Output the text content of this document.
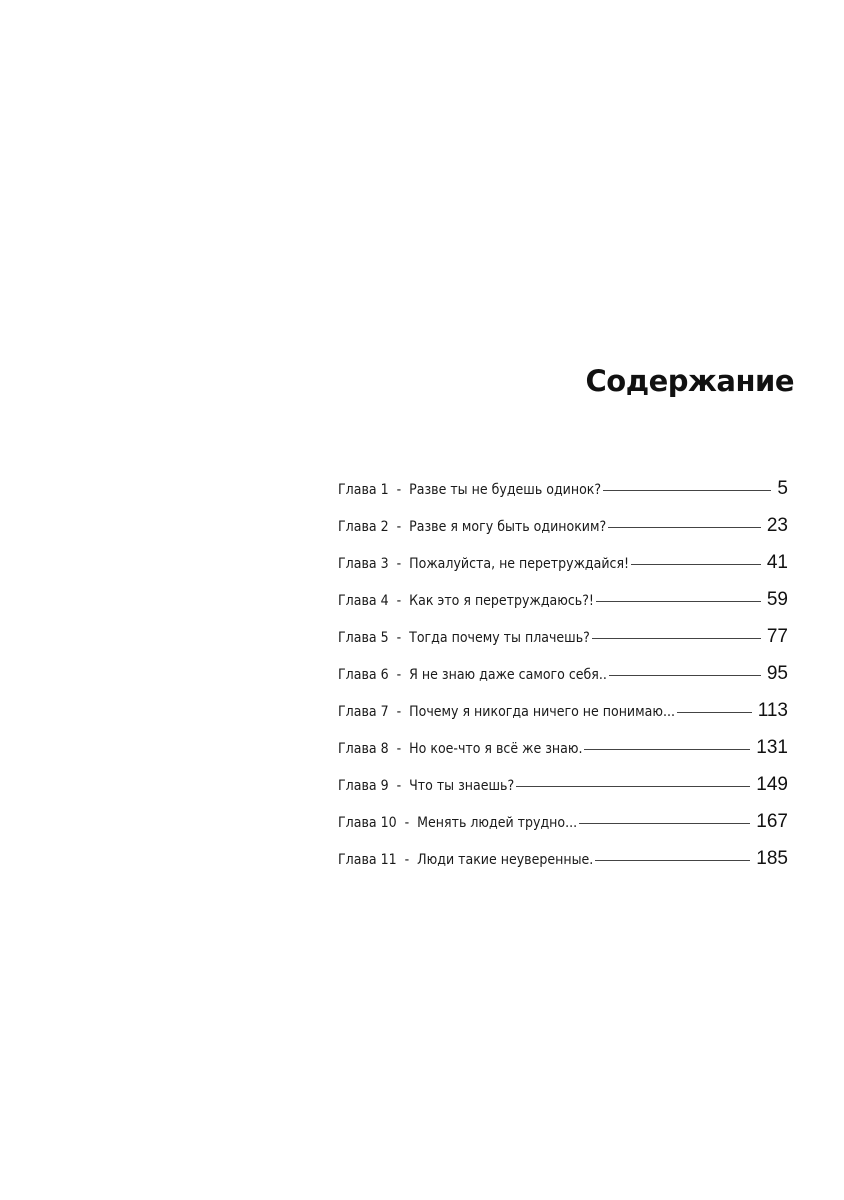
Содержание
Глава 1 - Разве ты не будешь одинок?	5
Глава 2 - Разве я могу быть одиноким?	23
Глава 3 - Пожалуйста, не перетруждайся!	41
Глава 4 - Как это я перетруждаюсь?!	59
Глава 5 - Тогда почему ты плачешь?	77
Глава 6 - Я не знаю даже самого себя..	95
Глава 7 - Почему я никогда ничего не понимаю...	113
Глава 8 - Но кое-что я всё же знаю.	131
Глава 9 - Что ты знаешь?	149
Глава 10 - Менять людей трудно...	167
Глава 11 - Люди такие неуверенные.	185
